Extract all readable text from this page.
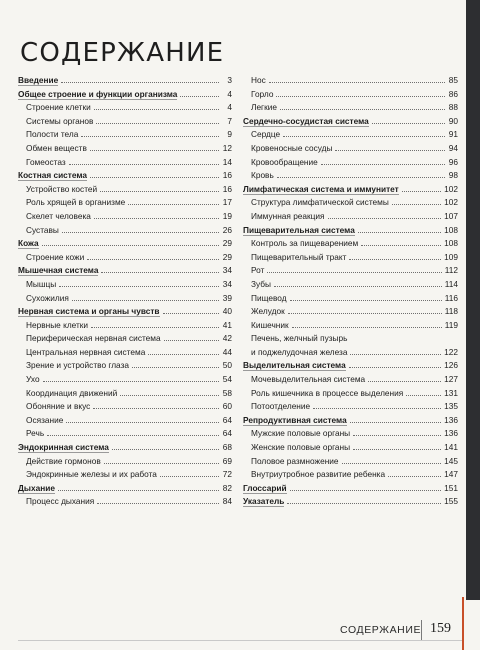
СОДЕРЖАНИЕ
Введение	3
Общее строение и функции организма	4
Строение клетки	4
Системы органов	7
Полости тела	9
Обмен веществ	12
Гомеостаз	14
Костная система	16
Устройство костей	16
Роль хрящей в организме	17
Скелет человека	19
Суставы	26
Кожа	29
Строение кожи	29
Мышечная система	34
Мышцы	34
Сухожилия	39
Нервная система и органы чувств	40
Нервные клетки	41
Периферическая нервная система	42
Центральная нервная система	44
Зрение и устройство глаза	50
Ухо	54
Координация движений	58
Обоняние и вкус	60
Осязание	64
Речь	64
Эндокринная система	68
Действие гормонов	69
Эндокринные железы и их работа	72
Дыхание	82
Процесс дыхания	84
Нос	85
Горло	86
Легкие	88
Сердечно-сосудистая система	90
Сердце	91
Кровеносные сосуды	94
Кровообращение	96
Кровь	98
Лимфатическая система и иммунитет	102
Структура лимфатической системы	102
Иммунная реакция	107
Пищеварительная система	108
Контроль за пищеварением	108
Пищеварительный тракт	109
Рот	112
Зубы	114
Пищевод	116
Желудок	118
Кишечник	119
Печень, желчный пузырь
и поджелудочная железа	122
Выделительная система	126
Мочевыделительная система	127
Роль кишечника в процессе выделения	131
Потоотделение	135
Репродуктивная система	136
Мужские половые органы	136
Женские половые органы	141
Половое размножение	145
Внутриутробное развитие ребенка	147
Глоссарий	151
Указатель	155
СОДЕРЖАНИЕ 159
